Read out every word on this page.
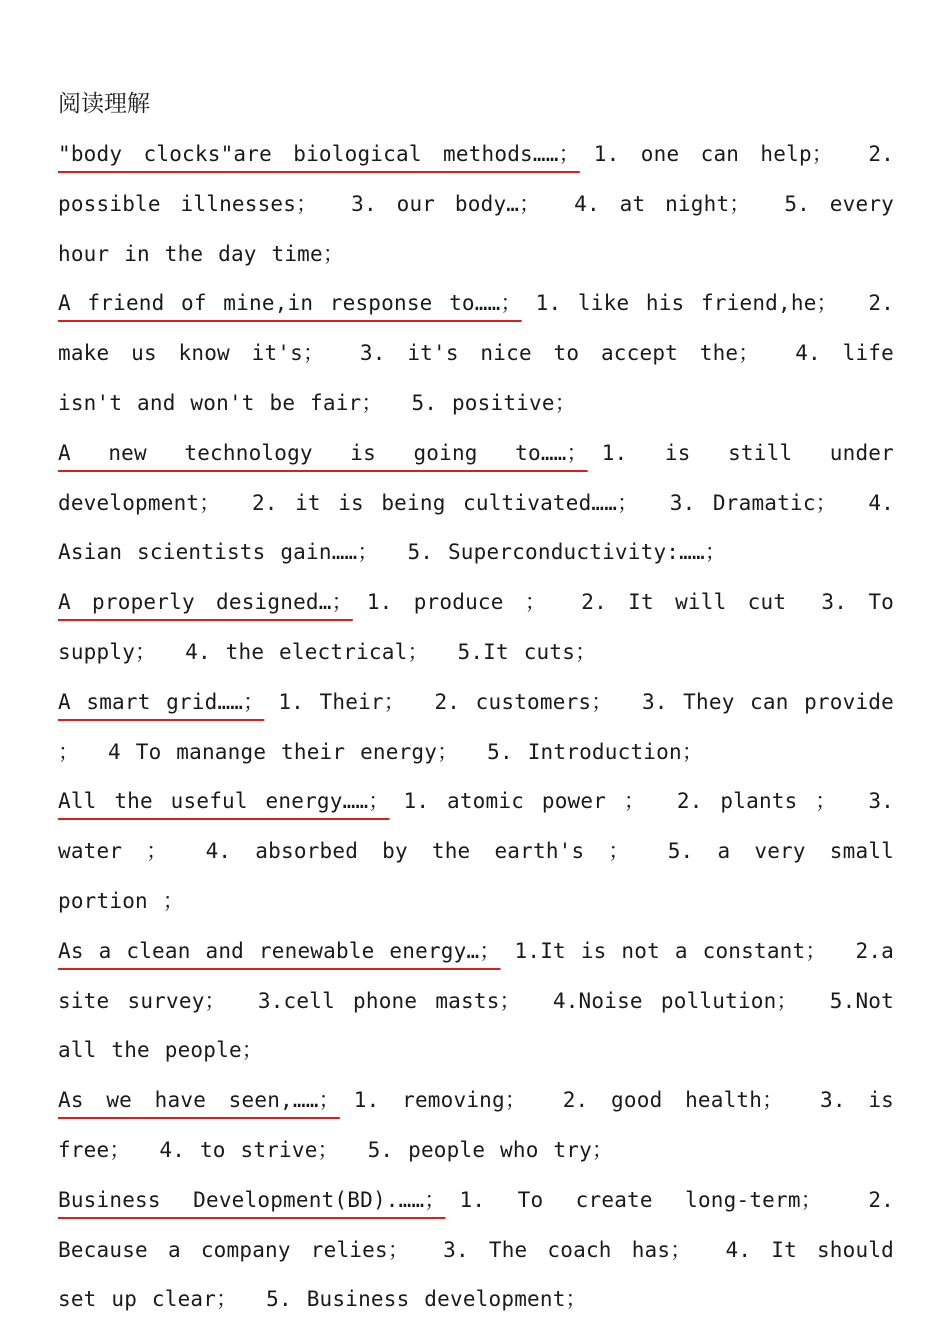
阅读理解
"body clocks"are biological methods……； 1. one can help； 2. possible illnesses； 3. our body…； 4. at night； 5. every hour in the day time；
A friend of mine,in response to……； 1. like his friend,he； 2. make us know it's； 3. it's nice to accept the； 4. life isn't and won't be fair； 5. positive；
A new technology is going to……； 1. is still under development； 2. it is being cultivated……； 3. Dramatic； 4. Asian scientists gain……； 5. Superconductivity:……；
A properly designed…； 1. produce ； 2. It will cut 3. To supply； 4. the electrical； 5.It cuts；
A smart grid……； 1. Their； 2. customers； 3. They can provide ； 4 To manange their energy； 5. Introduction；
All the useful energy……； 1. atomic power ； 2. plants ； 3. water ； 4. absorbed by the earth's ； 5. a very small portion ；
As a clean and renewable energy…； 1.It is not a constant； 2.a site survey； 3.cell phone masts； 4.Noise pollution； 5.Not all the people；
As we have seen,……； 1. removing； 2. good health； 3. is free； 4. to strive； 5. people who try；
Business Development(BD).……； 1. To create long-term； 2. Because a company relies； 3. The coach has； 4. It should set up clear； 5. Business development；
